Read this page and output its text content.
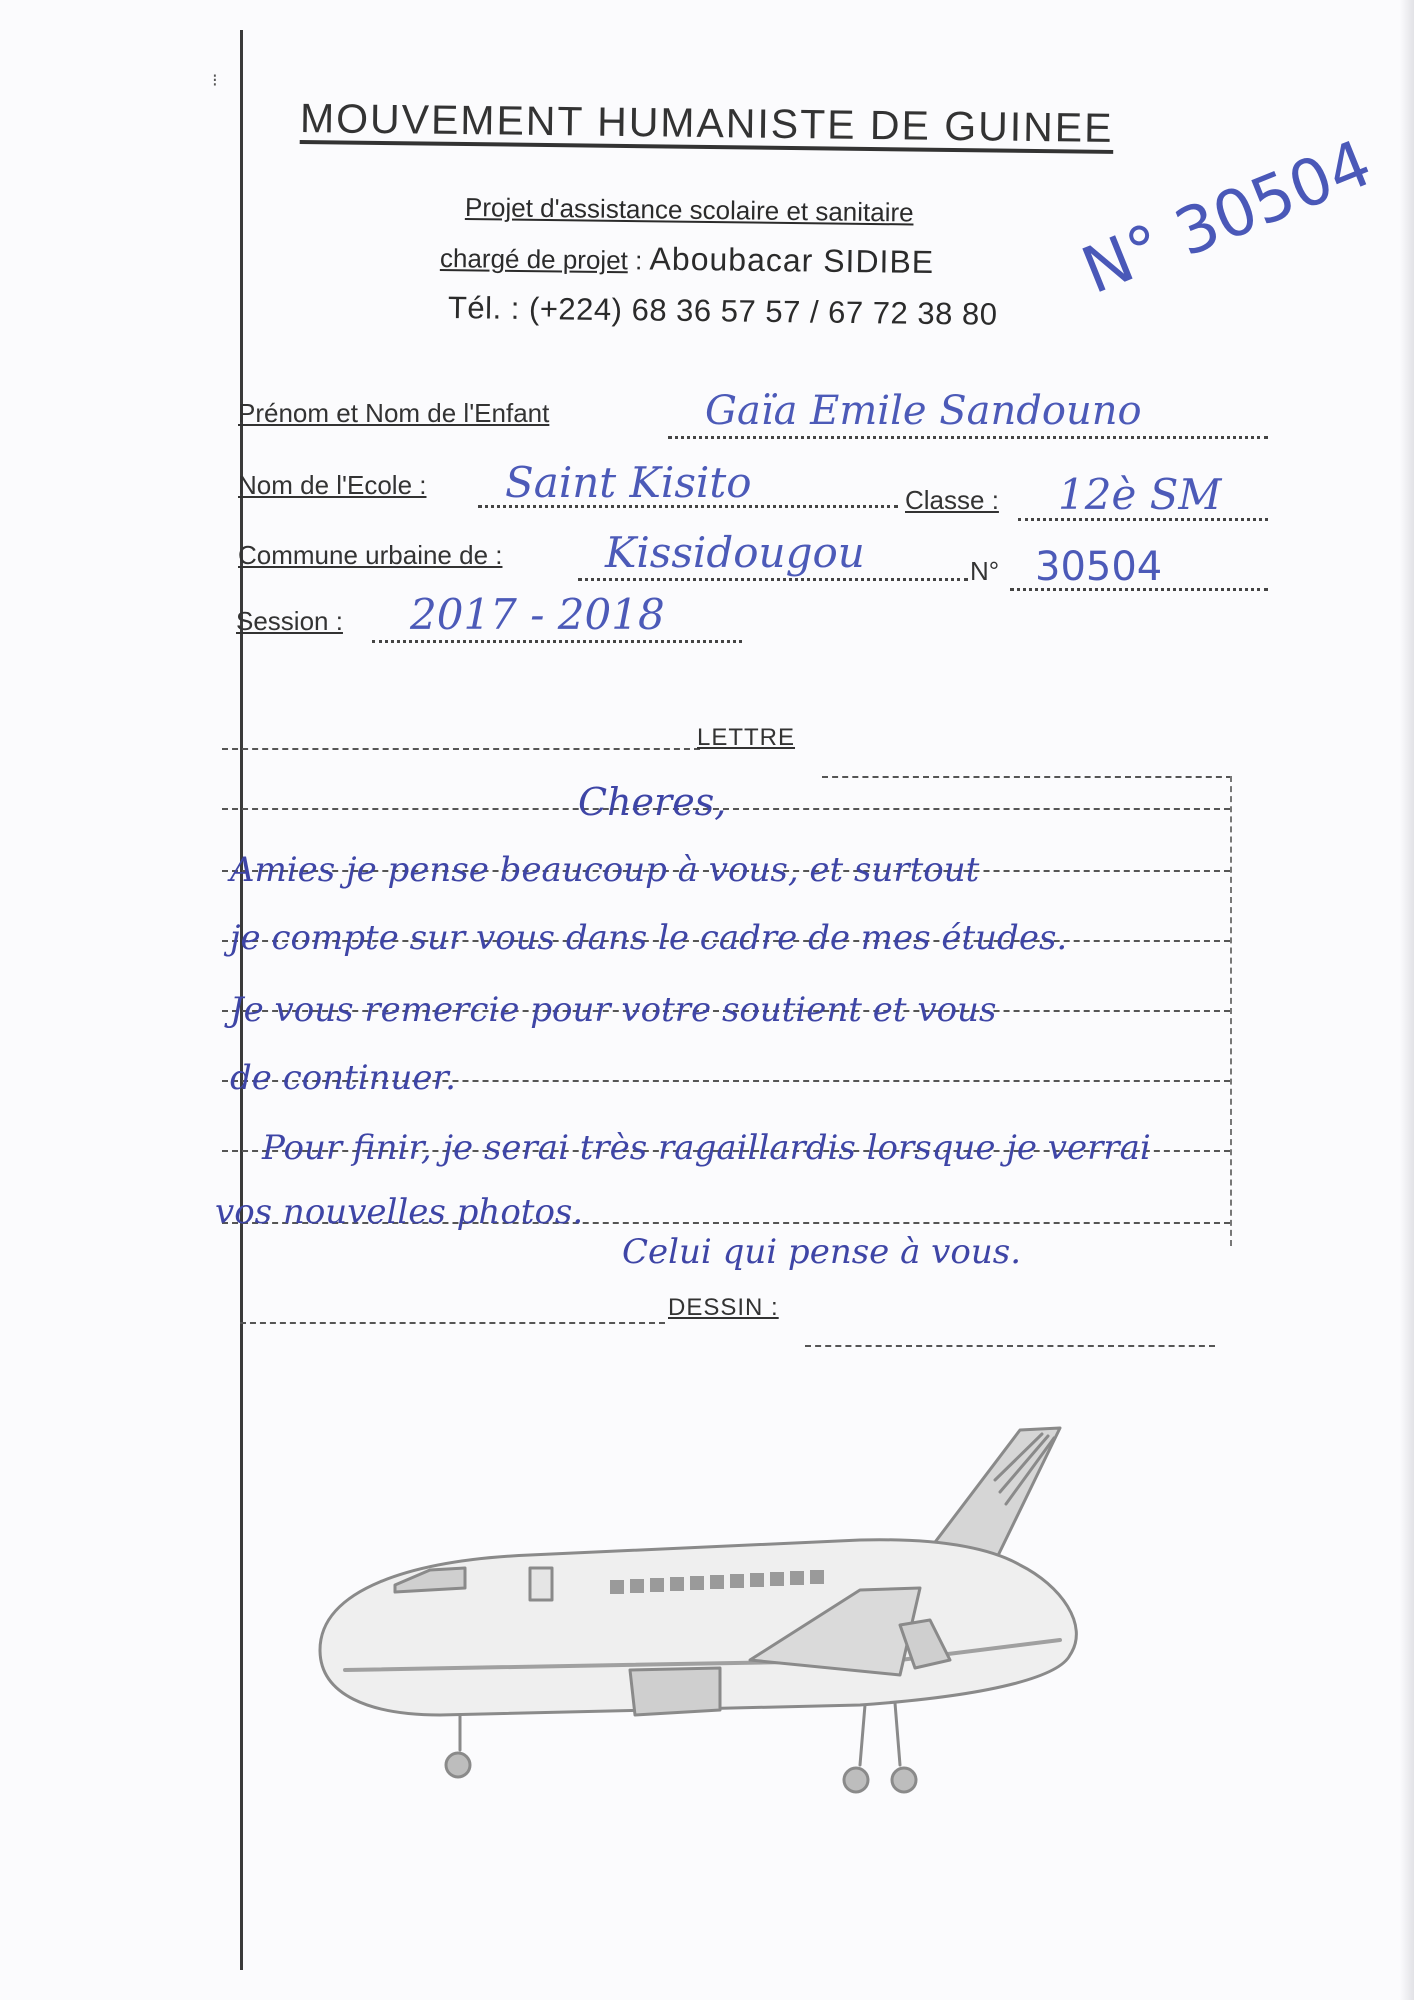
⁝
MOUVEMENT HUMANISTE DE GUINEE
Projet d'assistance scolaire et sanitaire
chargé de projet : Aboubacar SIDIBE
Tél. : (+224) 68 36 57 57 / 67 72 38 80
N° 30504
Prénom et Nom de l'Enfant	Gaïa Emile Sandouno
Nom de l'Ecole : Saint Kisito	Classe : 12è SM
Commune urbaine de : Kissidougou	N° 30504
Session : 2017 - 2018
LETTRE
Cheres,
Amies je pense beaucoup à vous, et surtout
je compte sur vous dans le cadre de mes études.
Je vous remercie pour votre soutient et vous
de continuer.
Pour finir, je serai très ragaillardis lorsque je verrai
vos nouvelles photos.
Celui qui pense à vous.
DESSIN :
